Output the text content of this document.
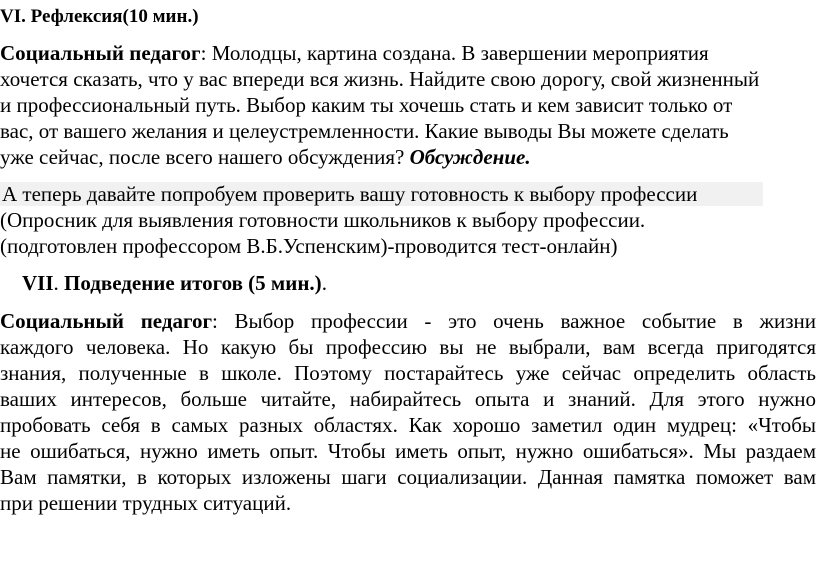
VI. Рефлексия(10 мин.)
Социальный педагог: Молодцы, картина создана. В завершении мероприятия
хочется сказать, что у вас впереди вся жизнь. Найдите свою дорогу, свой жизненный
и профессиональный путь. Выбор каким ты хочешь стать и кем зависит только от
вас, от вашего желания и целеустремленности. Какие выводы Вы можете сделать
уже сейчас, после всего нашего обсуждения? Обсуждение.
А теперь давайте попробуем проверить вашу готовность к выбору профессии
(Опросник для выявления готовности школьников к выбору профессии.
(подготовлен профессором В.Б.Успенским)-проводится тест-онлайн)
VII. Подведение итогов (5 мин.).
Социальный педагог: Выбор профессии - это очень важное событие в жизни
каждого человека. Но какую бы профессию вы не выбрали, вам всегда пригодятся
знания, полученные в школе. Поэтому постарайтесь уже сейчас определить область
ваших интересов, больше читайте, набирайтесь опыта и знаний. Для этого нужно
пробовать себя в самых разных областях. Как хорошо заметил один мудрец: «Чтобы
не ошибаться, нужно иметь опыт. Чтобы иметь опыт, нужно ошибаться». Мы раздаем
Вам памятки, в которых изложены шаги социализации. Данная памятка поможет вам
при решении трудных ситуаций.
